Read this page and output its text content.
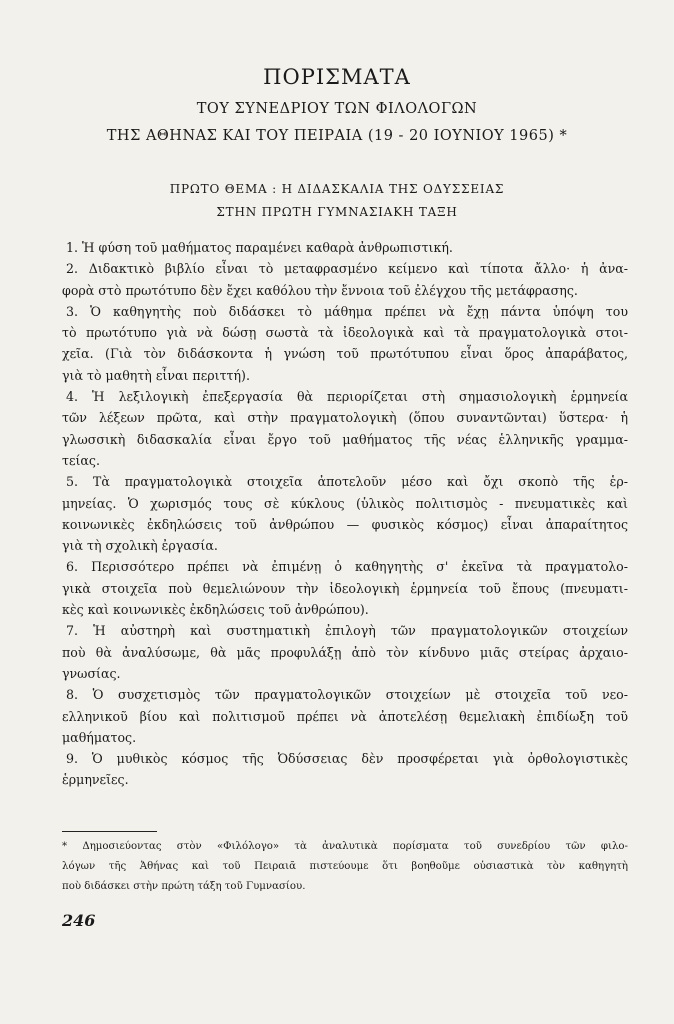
ΠΟΡΙΣΜΑΤΑ
ΤΟΥ ΣΥΝΕΔΡΙΟΥ ΤΩΝ ΦΙΛΟΛΟΓΩΝ
ΤΗΣ ΑΘΗΝΑΣ ΚΑΙ ΤΟΥ ΠΕΙΡΑΙΑ (19 - 20 ΙΟΥΝΙΟΥ 1965) *
ΠΡΩΤΟ ΘΕΜΑ : Η ΔΙΔΑΣΚΑΛΙΑ ΤΗΣ ΟΔΥΣΣΕΙΑΣ
ΣΤΗΝ ΠΡΩΤΗ ΓΥΜΝΑΣΙΑΚΗ ΤΑΞΗ
1. Ἡ φύση τοῦ μαθήματος παραμένει καθαρὰ ἀνθρωπιστική.
2. Διδακτικὸ βιβλίο εἶναι τὸ μεταφρασμένο κείμενο καὶ τίποτα ἄλλο· ἡ ἀνα-
φορὰ στὸ πρωτότυπο δὲν ἔχει καθόλου τὴν ἔννοια τοῦ ἐλέγχου τῆς μετάφρασης.
3. Ὁ καθηγητὴς ποὺ διδάσκει τὸ μάθημα πρέπει νὰ ἔχῃ πάντα ὑπόψη του
τὸ πρωτότυπο γιὰ νὰ δώσῃ σωστὰ τὰ ἰδεολογικὰ καὶ τὰ πραγματολογικὰ στοι-
χεῖα. (Γιὰ τὸν διδάσκοντα ἡ γνώση τοῦ πρωτότυπου εἶναι ὅρος ἀπαράβατος,
γιὰ τὸ μαθητὴ εἶναι περιττή).
4. Ἡ λεξιλογικὴ ἐπεξεργασία θὰ περιορίζεται στὴ σημασιολογικὴ ἑρμηνεία
τῶν λέξεων πρῶτα, καὶ στὴν πραγματολογικὴ (ὅπου συναντῶνται) ὕστερα· ἡ
γλωσσικὴ διδασκαλία εἶναι ἔργο τοῦ μαθήματος τῆς νέας ἑλληνικῆς γραμμα-
τείας.
5. Τὰ πραγματολογικὰ στοιχεῖα ἀποτελοῦν μέσο καὶ ὄχι σκοπὸ τῆς ἑρ-
μηνείας. Ὁ χωρισμός τους σὲ κύκλους (ὑλικὸς πολιτισμὸς - πνευματικὲς καὶ
κοινωνικὲς ἐκδηλώσεις τοῦ ἀνθρώπου — φυσικὸς κόσμος) εἶναι ἀπαραίτητος
γιὰ τὴ σχολικὴ ἐργασία.
6. Περισσότερο πρέπει νὰ ἐπιμένῃ ὁ καθηγητὴς σ' ἐκεῖνα τὰ πραγματολο-
γικὰ στοιχεῖα ποὺ θεμελιώνουν τὴν ἰδεολογικὴ ἑρμηνεία τοῦ ἔπους (πνευματι-
κὲς καὶ κοινωνικὲς ἐκδηλώσεις τοῦ ἀνθρώπου).
7. Ἡ αὐστηρὴ καὶ συστηματικὴ ἐπιλογὴ τῶν πραγματολογικῶν στοιχείων
ποὺ θὰ ἀναλύσωμε, θὰ μᾶς προφυλάξῃ ἀπὸ τὸν κίνδυνο μιᾶς στείρας ἀρχαιο-
γνωσίας.
8. Ὁ συσχετισμὸς τῶν πραγματολογικῶν στοιχείων μὲ στοιχεῖα τοῦ νεο-
ελληνικοῦ βίου καὶ πολιτισμοῦ πρέπει νὰ ἀποτελέσῃ θεμελιακὴ ἐπιδίωξη τοῦ
μαθήματος.
9. Ὁ μυθικὸς κόσμος τῆς Ὀδύσσειας δὲν προσφέρεται γιὰ ὀρθολογιστικὲς
ἑρμηνεῖες.
* Δημοσιεύοντας στὸν «Φιλόλογο» τὰ ἀναλυτικὰ πορίσματα τοῦ συνεδρίου τῶν φιλο-
λόγων τῆς Ἀθήνας καὶ τοῦ Πειραιᾶ πιστεύουμε ὅτι βοηθοῦμε οὐσιαστικὰ τὸν καθηγητὴ
ποὺ διδάσκει στὴν πρώτη τάξη τοῦ Γυμνασίου.
246
